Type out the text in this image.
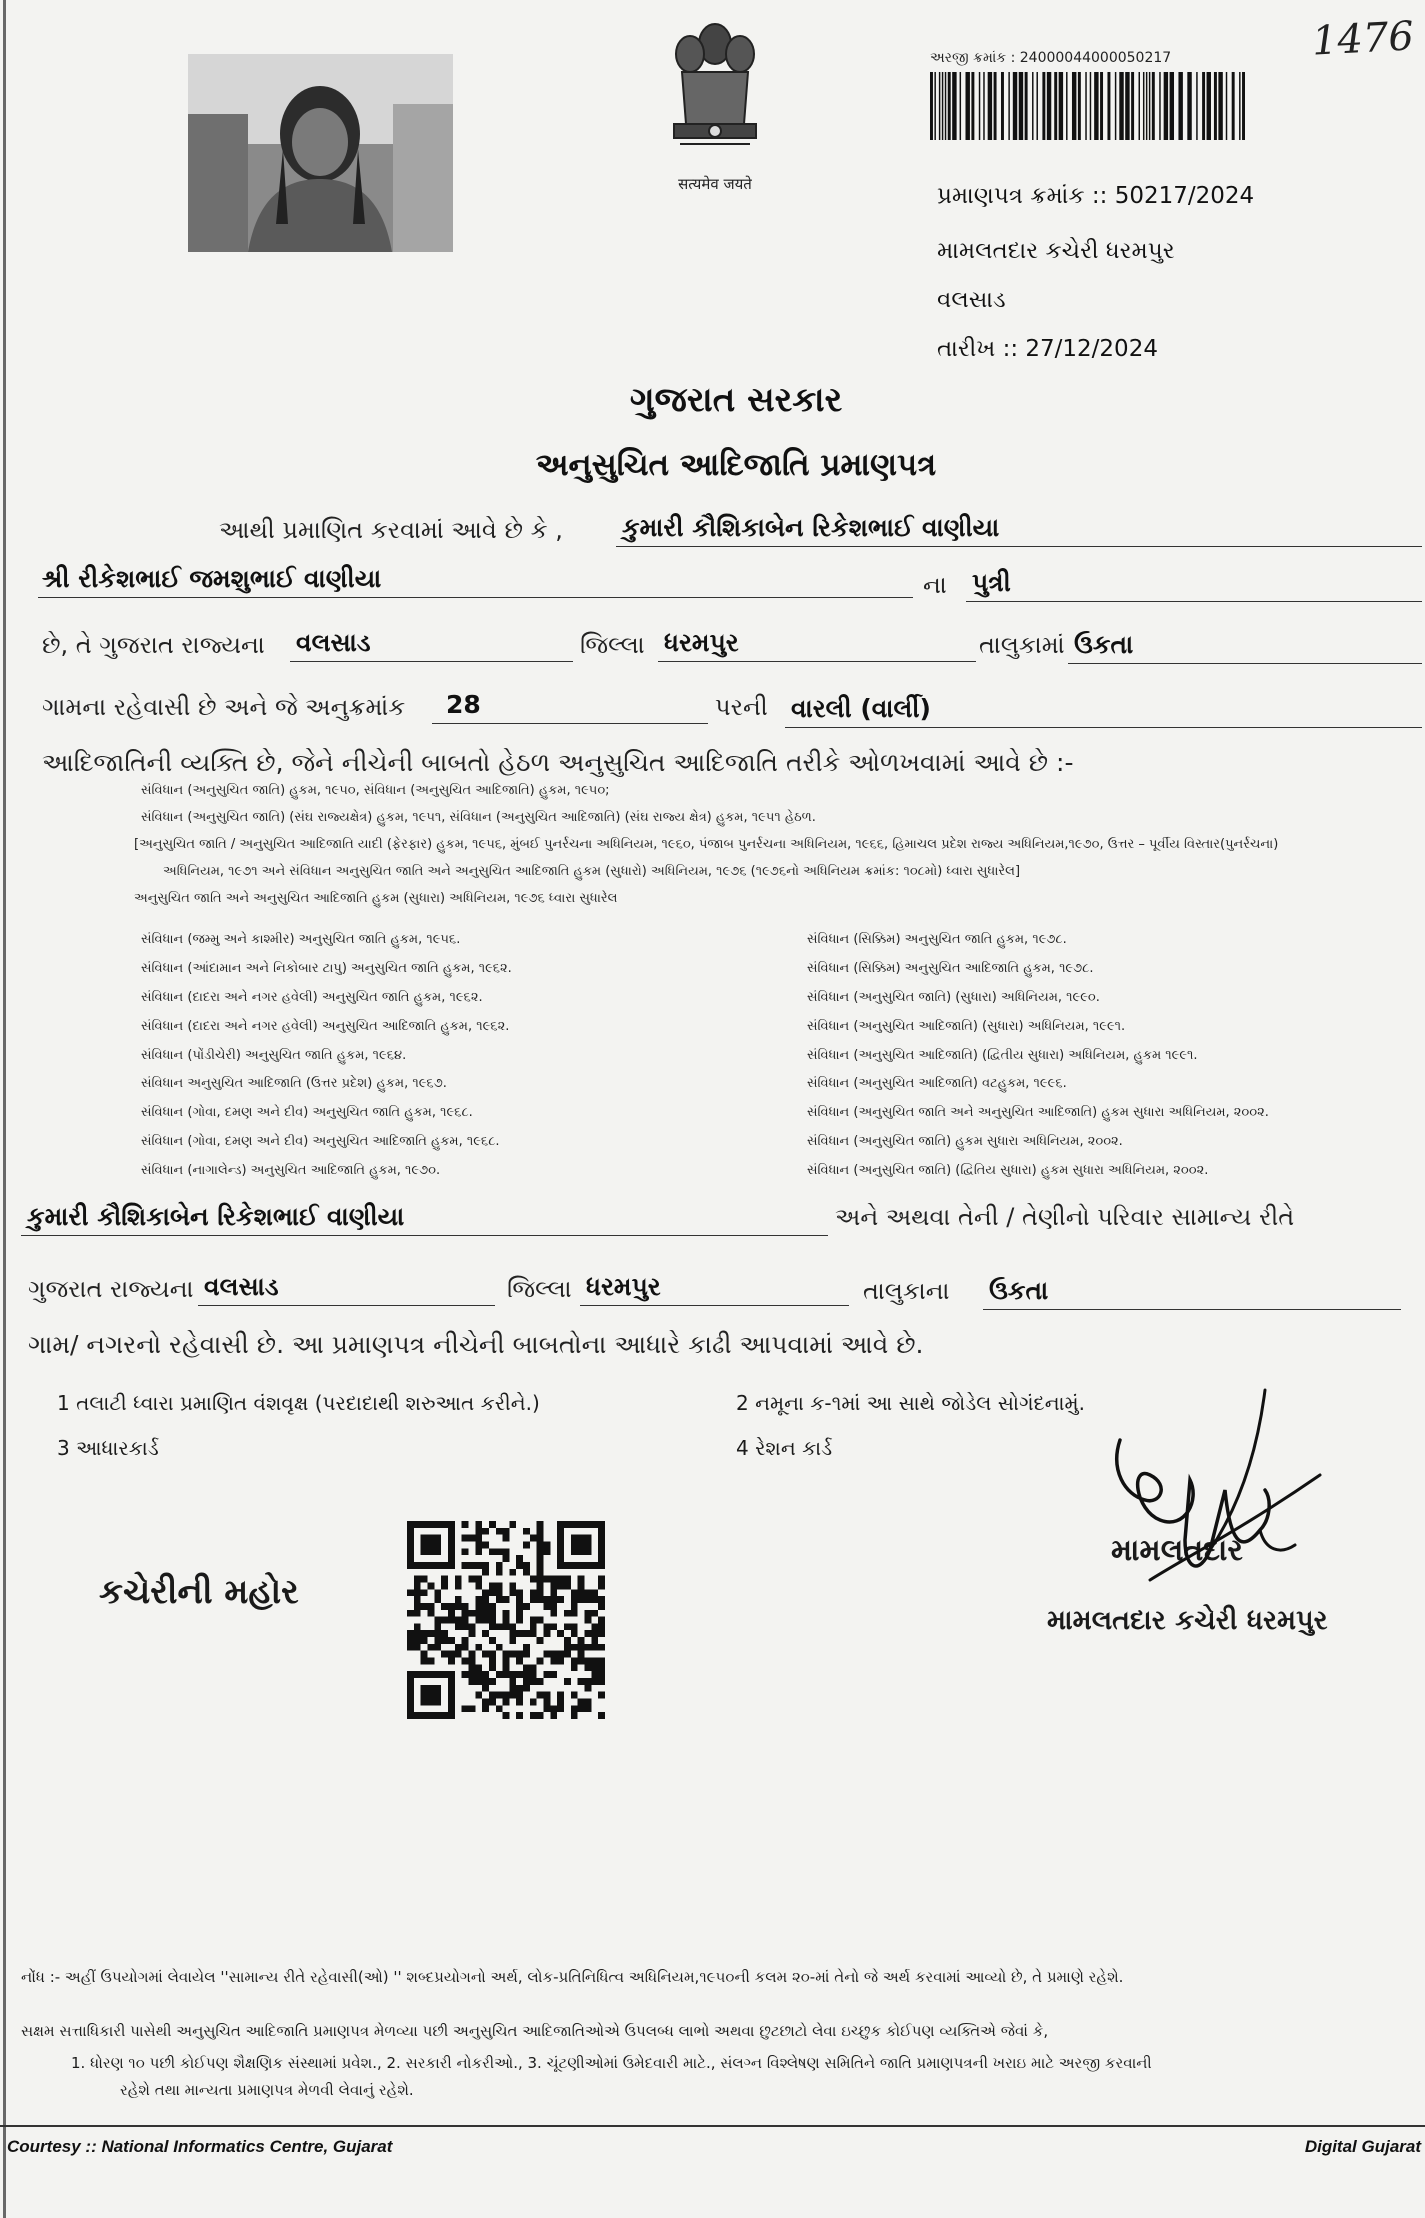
1476
सत्यमेव जयते
અરજી ક્રમાંક : 24000044000050217
પ્રમાણપત્ર ક્રમાંક :: 50217/2024
મામલતદાર કચેરી ધરમપુર
વલસાડ
તારીખ :: 27/12/2024
ગુજરાત સરકાર
અનુસુચિત આદિજાતિ પ્રમાણપત્ર
આથી પ્રમાણિત કરવામાં આવે છે કે , કુમારી કૌશિકાબેન રિકેશભાઈ વાણીયા
શ્રી રીકેશભાઈ જમશુભાઈ વાણીયા	ના પુત્રી
છે, તે ગુજરાત રાજ્યના વલસાડ	જિલ્લા ધરમપુર	તાલુકામાં ઉકતા
ગામના રહેવાસી છે અને જે અનુક્રમાંક	28	પરની વારલી (વાર્લી)
આદિજાતિની વ્યક્તિ છે, જેને નીચેની બાબતો હેઠળ અનુસુચિત આદિજાતિ તરીકે ઓળખવામાં આવે છે :-
સંવિધાન (અનુસુચિત જાતિ) હુકમ, ૧૯૫૦, સંવિધાન (અનુસુચિત આદિજાતિ) હુકમ, ૧૯૫૦;
સંવિધાન (અનુસુચિત જાતિ) (સંઘ રાજ્યક્ષેત્ર) હુકમ, ૧૯૫૧, સંવિધાન (અનુસુચિત આદિજાતિ) (સંઘ રાજ્ય ક્ષેત્ર) હુકમ, ૧૯૫૧ હેઠળ.
[અનુસુચિત જાતિ / અનુસુચિત આદિજાતિ યાદી (ફેરફાર) હુકમ, ૧૯૫૬, મુંબઈ પુનર્રચના અધિનિયમ, ૧૯૬૦, પંજાબ પુનર્રચના અધિનિયમ, ૧૯૬૬, હિમાચલ પ્રદેશ રાજ્ય અધિનિયમ,૧૯૭૦, ઉત્તર – પૂર્વીય વિસ્તાર(પુનર્રચના)
અધિનિયમ, ૧૯૭૧ અને સંવિધાન અનુસુચિત જાતિ અને અનુસુચિત આદિજાતિ હુકમ (સુધારો) અધિનિયમ, ૧૯૭૬ (૧૯૭૬નો અધિનિયમ ક્રમાંક: ૧૦૮મો) ધ્વારા સુધારેલ]
અનુસુચિત જાતિ અને અનુસુચિત આદિજાતિ હુકમ (સુધારા) અધિનિયમ, ૧૯૭૬ ધ્વારા સુધારેલ
સંવિધાન (જમ્મુ અને કાશ્મીર) અનુસુચિત જાતિ હુકમ, ૧૯૫૬.
સંવિધાન (આંદામાન અને નિકોબાર ટાપુ) અનુસુચિત જાતિ હુકમ, ૧૯૬૨.
સંવિધાન (દાદરા અને નગર હવેલી) અનુસુચિત જાતિ હુકમ, ૧૯૬૨.
સંવિધાન (દાદરા અને નગર હવેલી) અનુસુચિત આદિજાતિ હુકમ, ૧૯૬૨.
સંવિધાન (પોંડીચેરી) અનુસુચિત જાતિ હુકમ, ૧૯૬૪.
સંવિધાન અનુસુચિત આદિજાતિ (ઉત્તર પ્રદેશ) હુકમ, ૧૯૬૭.
સંવિધાન (ગોવા, દમણ અને દીવ) અનુસુચિત જાતિ હુકમ, ૧૯૬૮.
સંવિધાન (ગોવા, દમણ અને દીવ) અનુસુચિત આદિજાતિ હુકમ, ૧૯૬૮.
સંવિધાન (નાગાલેન્ડ) અનુસુચિત આદિજાતિ હુકમ, ૧૯૭૦.
સંવિધાન (સિક્કિમ) અનુસુચિત જાતિ હુકમ, ૧૯૭૮.
સંવિધાન (સિક્કિમ) અનુસુચિત આદિજાતિ હુકમ, ૧૯૭૮.
સંવિધાન (અનુસુચિત જાતિ) (સુધારા) અધિનિયમ, ૧૯૯૦.
સંવિધાન (અનુસુચિત આદિજાતિ) (સુધારા) અધિનિયમ, ૧૯૯૧.
સંવિધાન (અનુસુચિત આદિજાતિ) (દ્વિતીય સુધારા) અધિનિયમ, હુકમ ૧૯૯૧.
સંવિધાન (અનુસુચિત આદિજાતિ) વટહુકમ, ૧૯૯૬.
સંવિધાન (અનુસુચિત જાતિ અને અનુસુચિત આદિજાતિ) હુકમ સુધારા અધિનિયમ, ૨૦૦૨.
સંવિધાન (અનુસુચિત જાતિ) હુકમ સુધારા અધિનિયમ, ૨૦૦૨.
સંવિધાન (અનુસુચિત જાતિ) (દ્વિતિય સુધારા) હુકમ સુધારા અધિનિયમ, ૨૦૦૨.
કુમારી કૌશિકાબેન રિકેશભાઈ વાણીયા	અને અથવા તેની / તેણીનો પરિવાર સામાન્ય રીતે
ગુજરાત રાજ્યના વલસાડ	જિલ્લા ધરમપુર	તાલુકાના ઉકતા
ગામ/ નગરનો રહેવાસી છે. આ પ્રમાણપત્ર નીચેની બાબતોના આધારે કાઢી આપવામાં આવે છે.
1 તલાટી ધ્વારા પ્રમાણિત વંશવૃક્ષ (પરદાદાથી શરુઆત કરીને.)	2 નમૂના ક-૧માં આ સાથે જોડેલ સોગંદનામું.
3 આધારકાર્ડ	4 રેશન કાર્ડ
કચેરીની મહોર
મામલતદાર
મામલતદાર કચેરી ધરમપુર
નોંધ :- અહીં ઉપયોગમાં લેવાયેલ ''સામાન્ય રીતે રહેવાસી(ઓ) '' શબ્દપ્રયોગનો અર્થ, લોક-પ્રતિનિધિત્વ અધિનિયમ,૧૯૫૦ની કલમ ૨૦-માં તેનો જે અર્થ કરવામાં આવ્યો છે, તે પ્રમાણે રહેશે.
સક્ષમ સત્તાધિકારી પાસેથી અનુસુચિત આદિજાતિ પ્રમાણપત્ર મેળવ્યા પછી અનુસુચિત આદિજાતિઓએ ઉપલબ્ધ લાભો અથવા છુટછાટો લેવા ઇચ્છુક કોઈપણ વ્યક્તિએ જેવાં કે,
1. ધોરણ ૧૦ પછી કોઈપણ શૈક્ષણિક સંસ્થામાં પ્રવેશ., 2. સરકારી નોકરીઓ., 3. ચૂંટણીઓમાં ઉમેદવારી માટે., સંલગ્ન વિશ્લેષણ સમિતિને જાતિ પ્રમાણપત્રની ખરાઇ માટે અરજી કરવાની
રહેશે તથા માન્યતા પ્રમાણપત્ર મેળવી લેવાનું રહેશે.
Courtesy :: National Informatics Centre, Gujarat	Digital Gujarat
